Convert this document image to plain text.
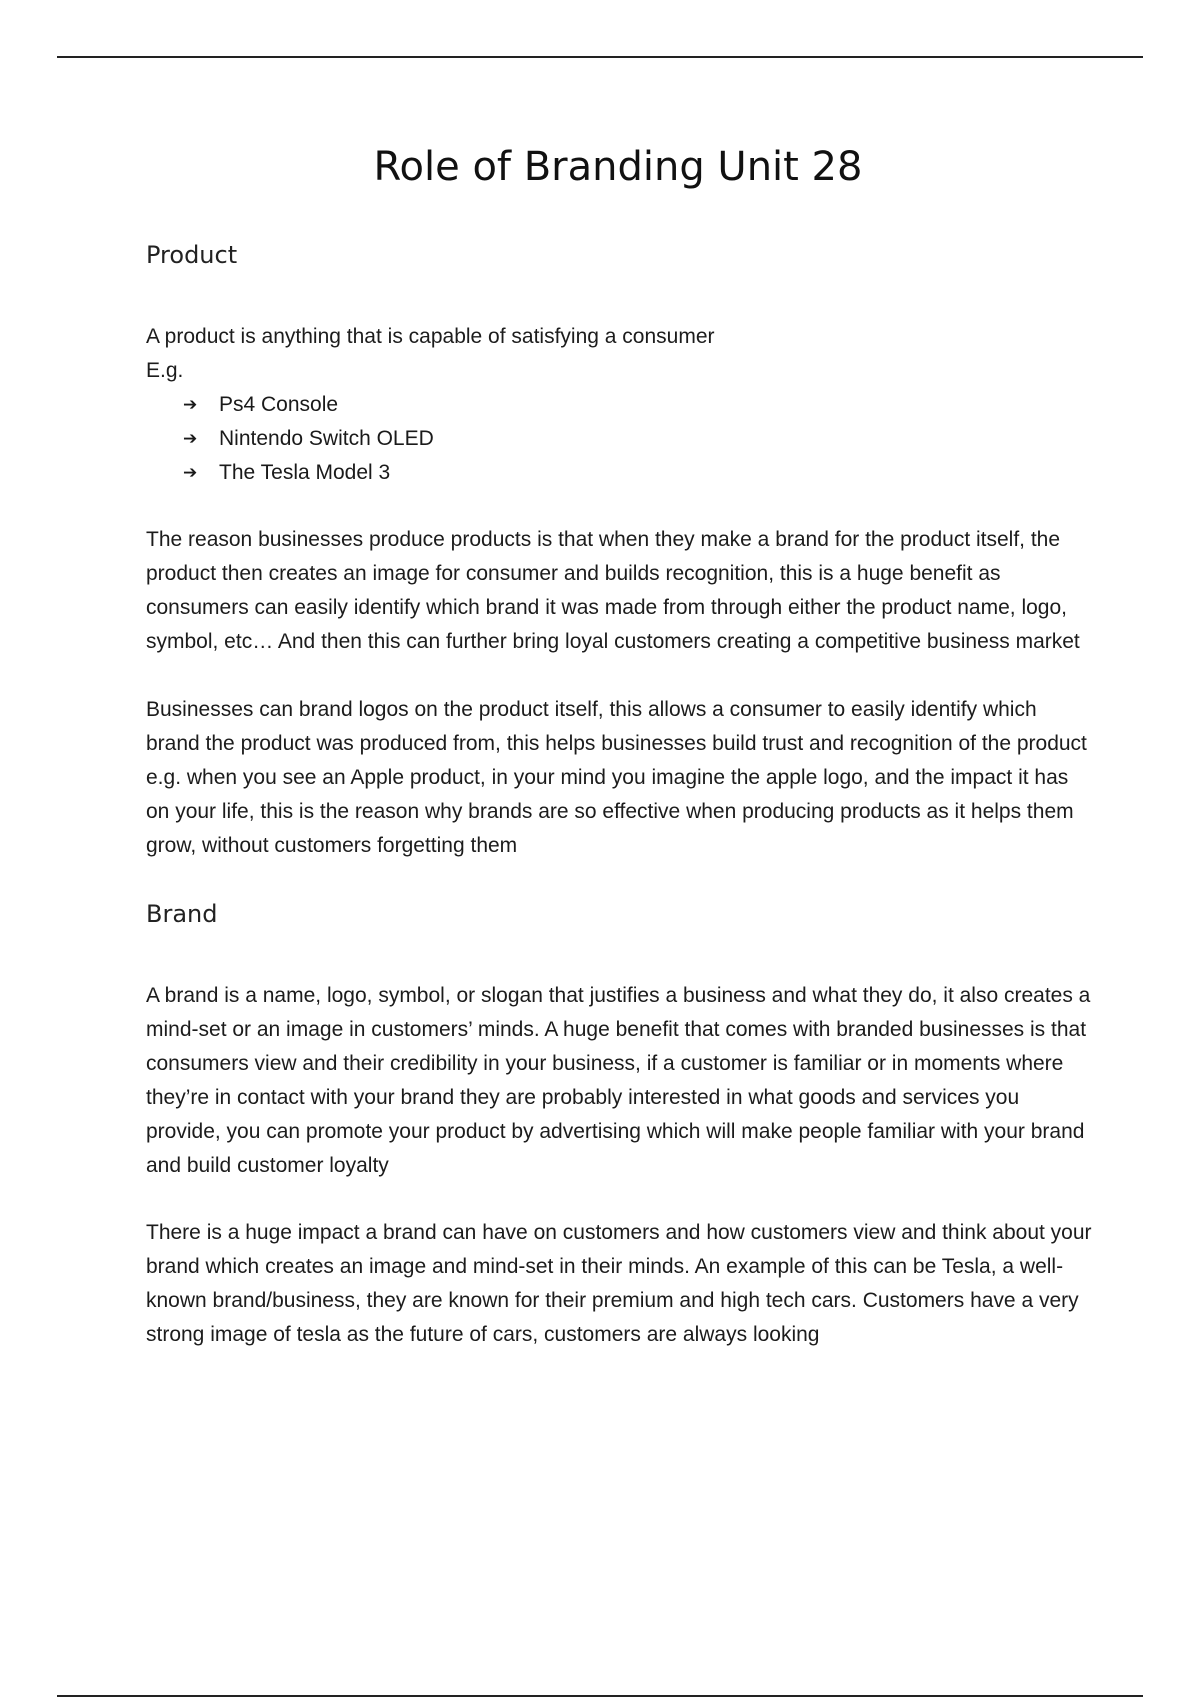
Role of Branding Unit 28
Product

A product is anything that is capable of satisfying a consumer

E.g.

➔	Ps4 Console
➔	Nintendo Switch OLED
➔	The Tesla Model 3

The reason businesses produce products is that when they make a brand for the product itself, the product then creates an image for consumer and builds recognition, this is a huge benefit as consumers can easily identify which brand it was made from through either the product name, logo, symbol, etc… And then this can further bring loyal customers creating a competitive business market

Businesses can brand logos on the product itself, this allows a consumer to easily identify which brand the product was produced from, this helps businesses build trust and recognition of the product e.g. when you see an Apple product, in your mind you imagine the apple logo, and the impact it has on your life, this is the reason why brands are so effective when producing products as it helps them grow, without customers forgetting them

Brand

A brand is a name, logo, symbol, or slogan that justifies a business and what they do, it also creates a mind-set or an image in customers’ minds. A huge benefit that comes with branded businesses is that consumers view and their credibility in your business, if a customer is familiar or in moments where they’re in contact with your brand they are probably interested in what goods and services you provide, you can promote your product by advertising which will make people familiar with your brand and build customer loyalty

There is a huge impact a brand can have on customers and how customers view and think about your brand which creates an image and mind-set in their minds. An example of this can be Tesla, a well-known brand/business, they are known for their premium and high tech cars. Customers have a very strong image of tesla as the future of cars, customers are always looking
